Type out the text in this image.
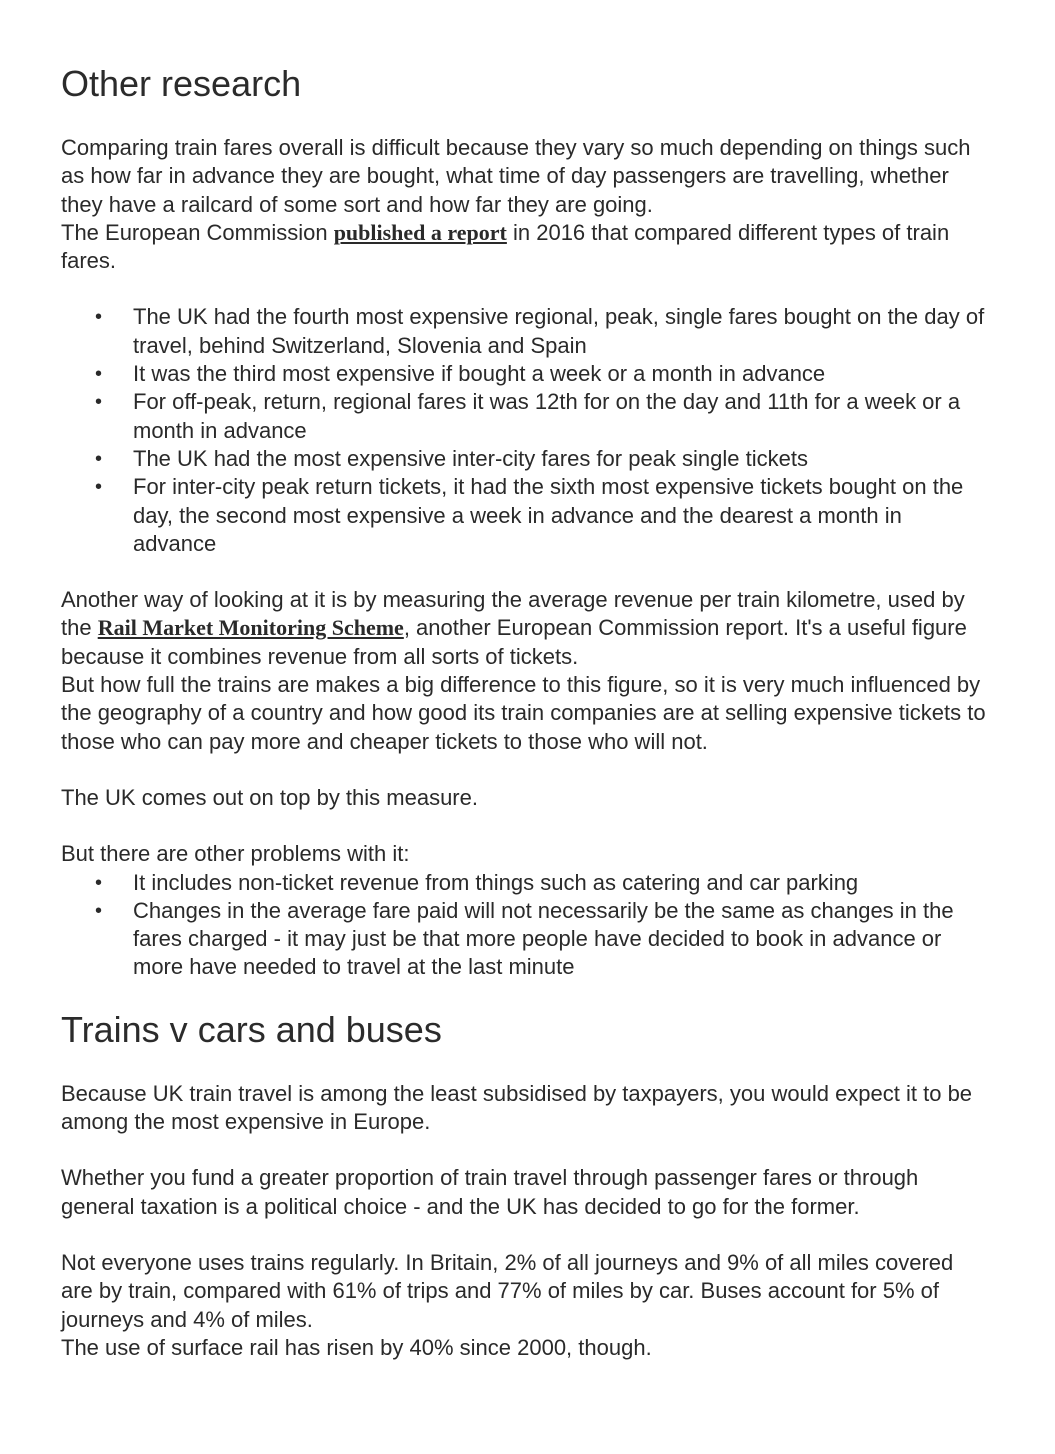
Other research

Comparing train fares overall is difficult because they vary so much depending on things such as how far in advance they are bought, what time of day passengers are travelling, whether they have a railcard of some sort and how far they are going.
The European Commission published a report in 2016 that compared different types of train fares.

• The UK had the fourth most expensive regional, peak, single fares bought on the day of travel, behind Switzerland, Slovenia and Spain
• It was the third most expensive if bought a week or a month in advance
• For off-peak, return, regional fares it was 12th for on the day and 11th for a week or a month in advance
• The UK had the most expensive inter-city fares for peak single tickets
• For inter-city peak return tickets, it had the sixth most expensive tickets bought on the day, the second most expensive a week in advance and the dearest a month in advance

Another way of looking at it is by measuring the average revenue per train kilometre, used by the Rail Market Monitoring Scheme, another European Commission report. It's a useful figure because it combines revenue from all sorts of tickets.
But how full the trains are makes a big difference to this figure, so it is very much influenced by the geography of a country and how good its train companies are at selling expensive tickets to those who can pay more and cheaper tickets to those who will not.

The UK comes out on top by this measure.

But there are other problems with it:

• It includes non-ticket revenue from things such as catering and car parking
• Changes in the average fare paid will not necessarily be the same as changes in the fares charged - it may just be that more people have decided to book in advance or more have needed to travel at the last minute
Trains v cars and buses

Because UK train travel is among the least subsidised by taxpayers, you would expect it to be among the most expensive in Europe.

Whether you fund a greater proportion of train travel through passenger fares or through general taxation is a political choice - and the UK has decided to go for the former.

Not everyone uses trains regularly. In Britain, 2% of all journeys and 9% of all miles covered are by train, compared with 61% of trips and 77% of miles by car. Buses account for 5% of journeys and 4% of miles.
The use of surface rail has risen by 40% since 2000, though.
